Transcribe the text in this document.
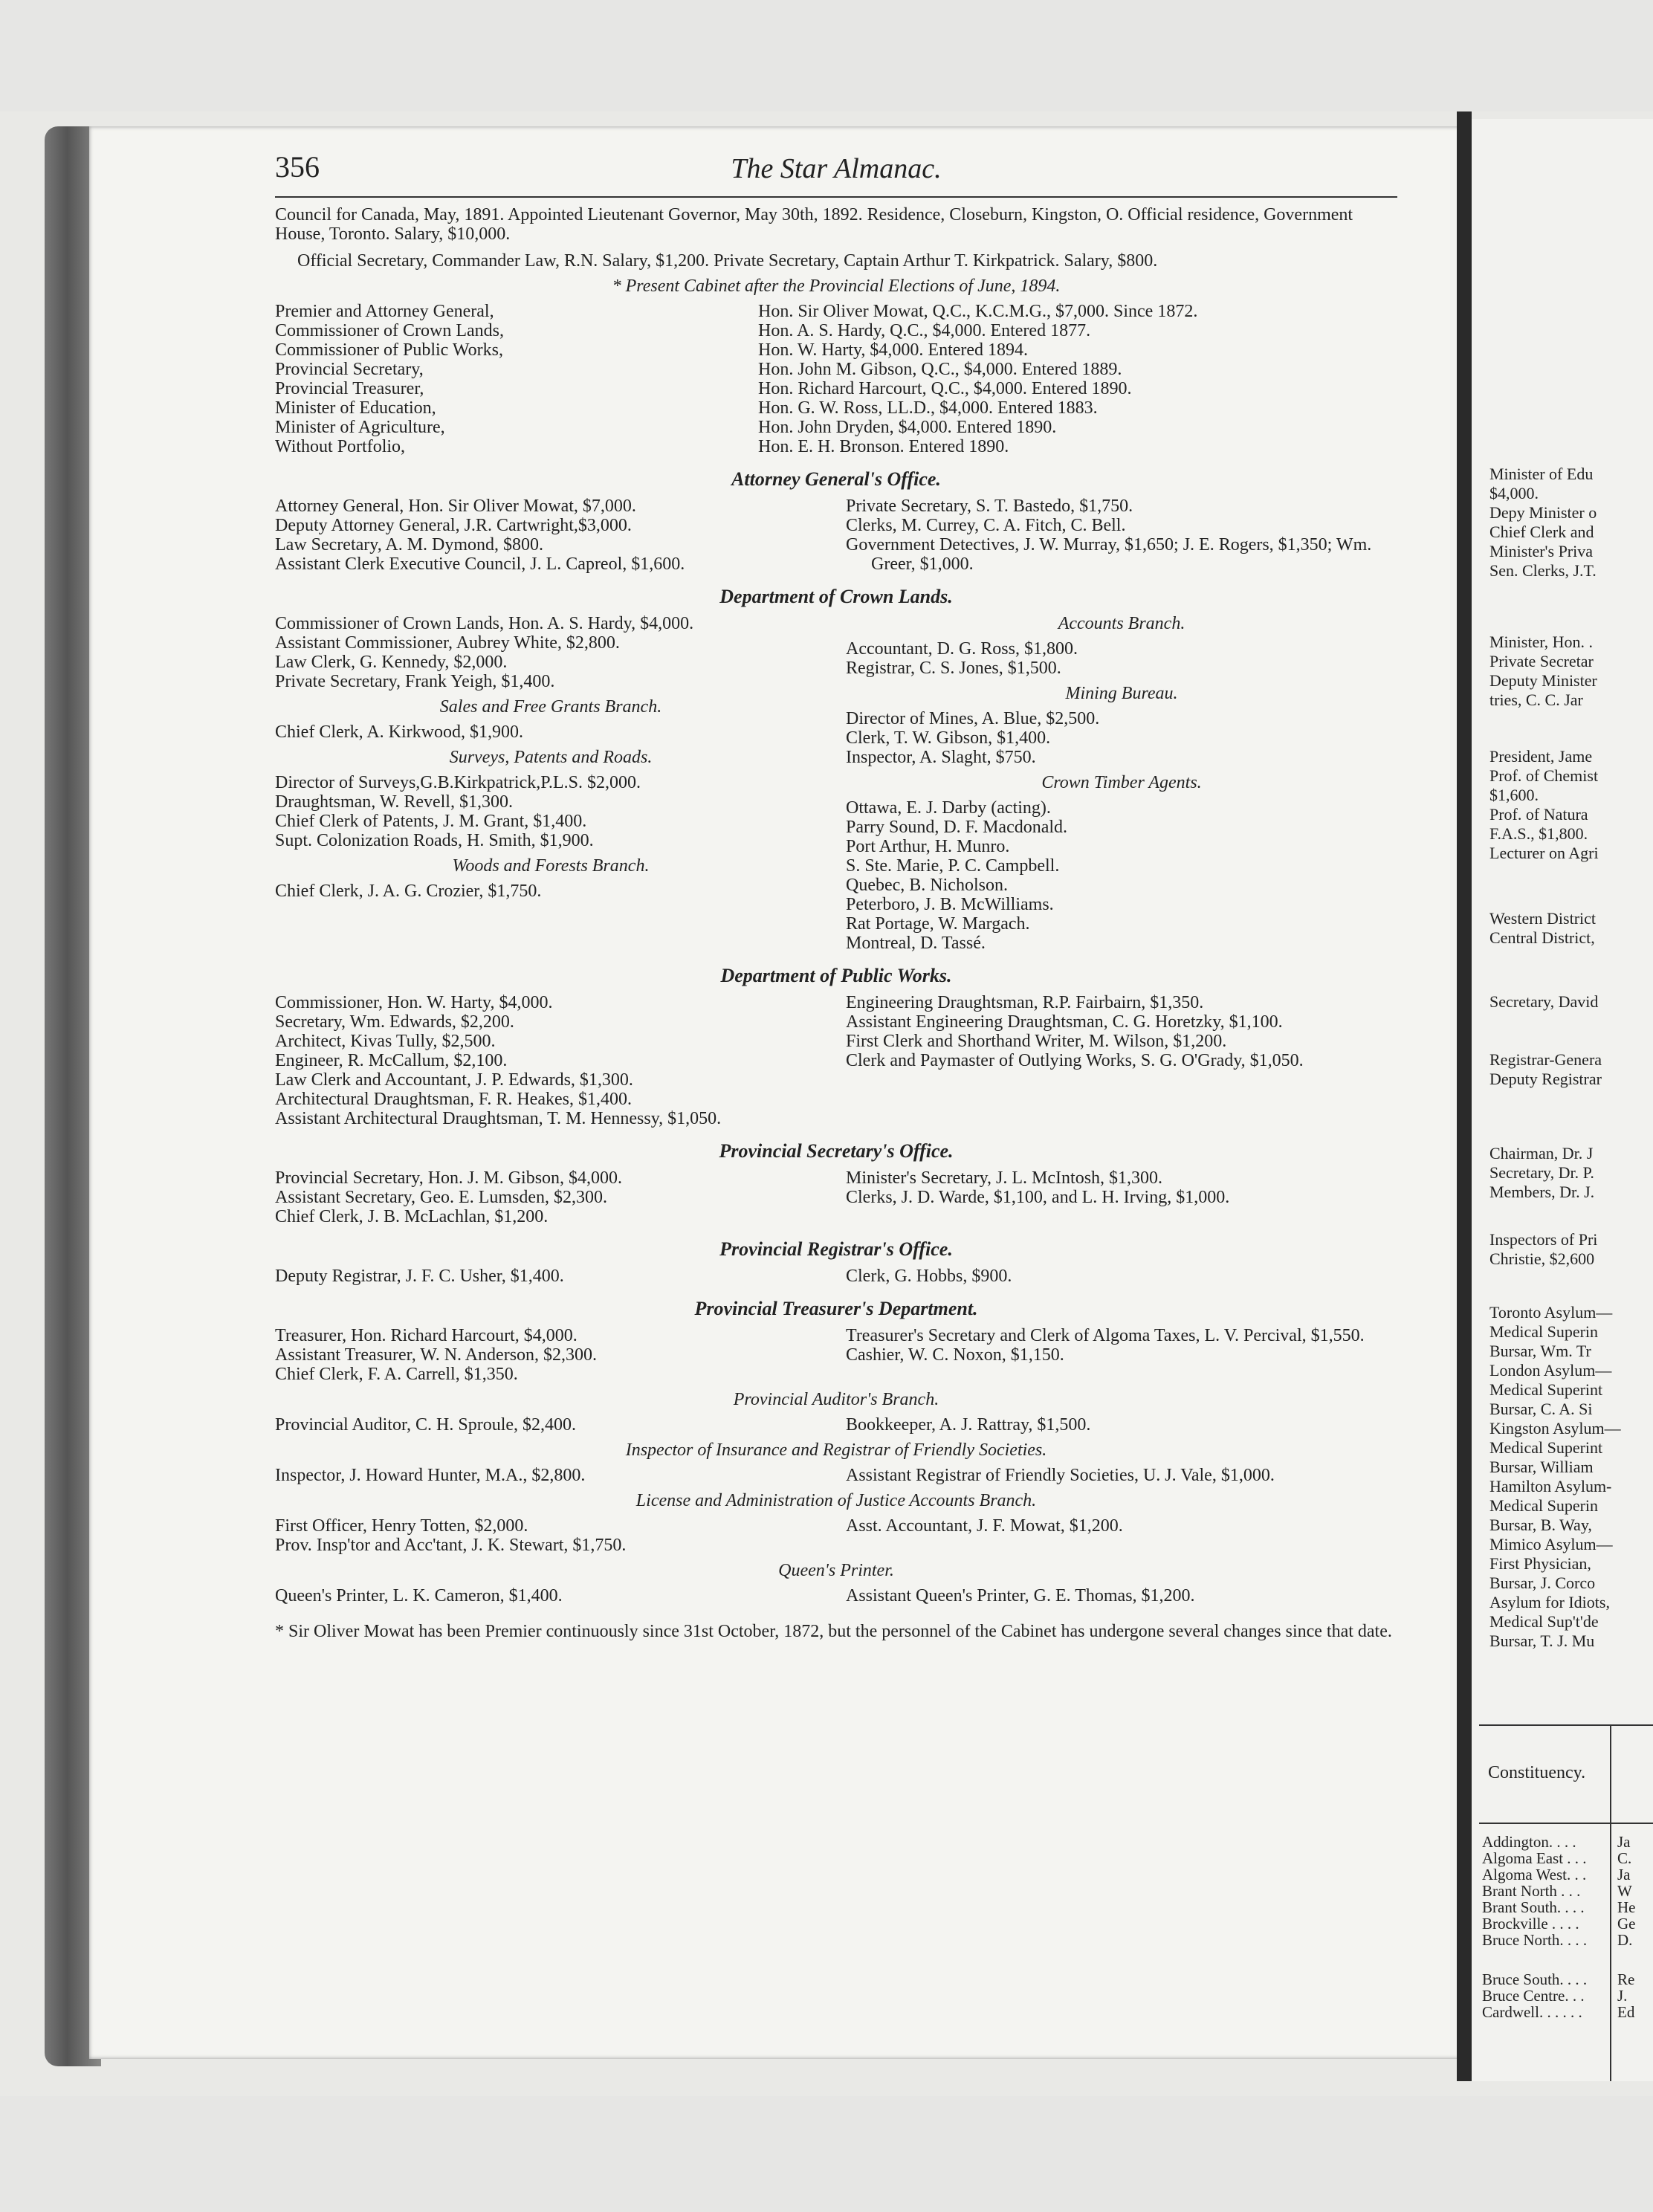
356	The Star Almanac.

Council for Canada, May, 1891. Appointed Lieutenant Governor, May 30th, 1892. Residence, Closeburn, Kingston, O. Official residence, Government House, Toronto. Salary, $10,000.

Official Secretary, Commander Law, R.N. Salary, $1,200. Private Secretary, Captain Arthur T. Kirkpatrick. Salary, $800.

* Present Cabinet after the Provincial Elections of June, 1894.
Premier and Attorney General,	Hon. Sir Oliver Mowat, Q.C., K.C.M.G., $7,000. Since 1872.
Commissioner of Crown Lands,	Hon. A. S. Hardy, Q.C., $4,000. Entered 1877.
Commissioner of Public Works,	Hon. W. Harty, $4,000. Entered 1894.
Provincial Secretary,	Hon. John M. Gibson, Q.C., $4,000. Entered 1889.
Provincial Treasurer,	Hon. Richard Harcourt, Q.C., $4,000. Entered 1890.
Minister of Education,	Hon. G. W. Ross, LL.D., $4,000. Entered 1883.
Minister of Agriculture,	Hon. John Dryden, $4,000. Entered 1890.
Without Portfolio,	Hon. E. H. Bronson. Entered 1890.
Attorney General's Office.

Attorney General, Hon. Sir Oliver Mowat, $7,000.

Deputy Attorney General, J.R. Cartwright,$3,000.

Law Secretary, A. M. Dymond, $800.

Assistant Clerk Executive Council, J. L. Capreol, $1,600.

Private Secretary, S. T. Bastedo, $1,750.

Clerks, M. Currey, C. A. Fitch, C. Bell.

Government Detectives, J. W. Murray, $1,650; J. E. Rogers, $1,350; Wm. Greer, $1,000.

Department of Crown Lands.

Commissioner of Crown Lands, Hon. A. S. Hardy, $4,000.

Assistant Commissioner, Aubrey White, $2,800.

Law Clerk, G. Kennedy, $2,000.

Private Secretary, Frank Yeigh, $1,400.

Sales and Free Grants Branch.

Chief Clerk, A. Kirkwood, $1,900.

Surveys, Patents and Roads.

Director of Surveys,G.B.Kirkpatrick,P.L.S. $2,000.

Draughtsman, W. Revell, $1,300.

Chief Clerk of Patents, J. M. Grant, $1,400.

Supt. Colonization Roads, H. Smith, $1,900.

Woods and Forests Branch.

Chief Clerk, J. A. G. Crozier, $1,750.

Accounts Branch.

Accountant, D. G. Ross, $1,800.

Registrar, C. S. Jones, $1,500.

Mining Bureau.

Director of Mines, A. Blue, $2,500.

Clerk, T. W. Gibson, $1,400.

Inspector, A. Slaght, $750.

Crown Timber Agents.

Ottawa, E. J. Darby (acting).

Parry Sound, D. F. Macdonald.

Port Arthur, H. Munro.

S. Ste. Marie, P. C. Campbell.

Quebec, B. Nicholson.

Peterboro, J. B. McWilliams.

Rat Portage, W. Margach.

Montreal, D. Tassé.

Department of Public Works.

Commissioner, Hon. W. Harty, $4,000.

Secretary, Wm. Edwards, $2,200.

Architect, Kivas Tully, $2,500.

Engineer, R. McCallum, $2,100.

Law Clerk and Accountant, J. P. Edwards, $1,300.

Architectural Draughtsman, F. R. Heakes, $1,400.

Assistant Architectural Draughtsman, T. M. Hennessy, $1,050.

Engineering Draughtsman, R.P. Fairbairn, $1,350.

Assistant Engineering Draughtsman, C. G. Horetzky, $1,100.

First Clerk and Shorthand Writer, M. Wilson, $1,200.

Clerk and Paymaster of Outlying Works, S. G. O'Grady, $1,050.

Provincial Secretary's Office.

Provincial Secretary, Hon. J. M. Gibson, $4,000.

Assistant Secretary, Geo. E. Lumsden, $2,300.

Chief Clerk, J. B. McLachlan, $1,200.

Minister's Secretary, J. L. McIntosh, $1,300.

Clerks, J. D. Warde, $1,100, and L. H. Irving, $1,000.

Provincial Registrar's Office.

Deputy Registrar, J. F. C. Usher, $1,400.	Clerk, G. Hobbs, $900.

Provincial Treasurer's Department.

Treasurer, Hon. Richard Harcourt, $4,000.

Assistant Treasurer, W. N. Anderson, $2,300.

Chief Clerk, F. A. Carrell, $1,350.

Treasurer's Secretary and Clerk of Algoma Taxes, L. V. Percival, $1,550.

Cashier, W. C. Noxon, $1,150.

Provincial Auditor's Branch.

Provincial Auditor, C. H. Sproule, $2,400.	Bookkeeper, A. J. Rattray, $1,500.

Inspector of Insurance and Registrar of Friendly Societies.

Inspector, J. Howard Hunter, M.A., $2,800.	Assistant Registrar of Friendly Societies, U. J. Vale, $1,000.

License and Administration of Justice Accounts Branch.

First Officer, Henry Totten, $2,000.

Prov. Insp'tor and Acc'tant, J. K. Stewart, $1,750.

Asst. Accountant, J. F. Mowat, $1,200.

Queen's Printer.

Queen's Printer, L. K. Cameron, $1,400.	Assistant Queen's Printer, G. E. Thomas, $1,200.

* Sir Oliver Mowat has been Premier continuously since 31st October, 1872, but the personnel of the Cabinet has undergone several changes since that date.

Minister of Edu
$4,000.
Depy Minister o
Chief Clerk and
Minister's Priva
Sen. Clerks, J.T.
Minister, Hon. .
Private Secretar
Deputy Minister
tries, C. C. Jar
President, Jame
Prof. of Chemist
$1,600.
Prof. of Natura
F.A.S., $1,800.
Lecturer on Agri
Western District
Central District,
Secretary, David
Registrar-Genera
Deputy Registrar
Chairman, Dr. J
Secretary, Dr. P.
Members, Dr. J.
Inspectors of Pri
Christie, $2,600
Toronto Asylum—
Medical Superin
Bursar, Wm. Tr
London Asylum—
Medical Superint
Bursar, C. A. Si
Kingston Asylum—
Medical Superint
Bursar, William
Hamilton Asylum-
Medical Superin
Bursar, B. Way,
Mimico Asylum—
First Physician,
Bursar, J. Corco
Asylum for Idiots,
Medical Sup't'de
Bursar, T. J. Mu
Constituency.
Addington. . . .	Ja
Algoma East . . . C.
Algoma West. . . Ja
Brant North . . . W
Brant South. . . . He
Brockville . . . . Ge
Bruce North. . . . D.
Bruce South. . . . Re
Bruce Centre. . . J.
Cardwell. . . . . . Ed
